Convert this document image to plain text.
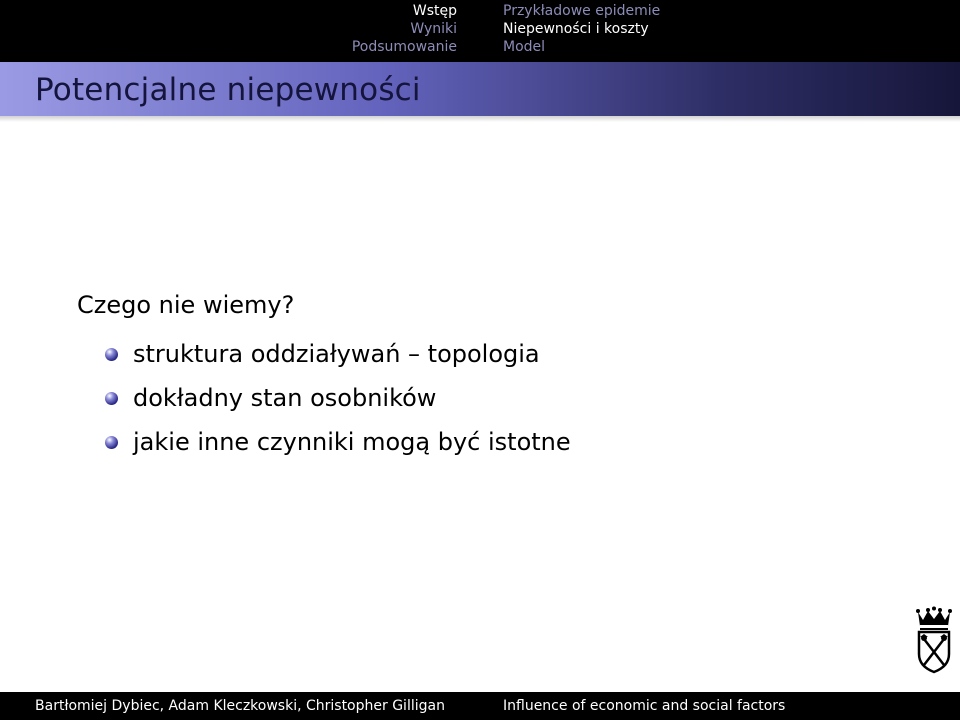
Wstęp
Wyniki
Podsumowanie
Przykładowe epidemie
Niepewności i koszty
Model
Potencjalne niepewności
Czego nie wiemy?
struktura oddziaływań – topologia
dokładny stan osobników
jakie inne czynniki mogą być istotne
Bartłomiej Dybiec, Adam Kleczkowski, Christopher Gilligan	Influence of economic and social factors
